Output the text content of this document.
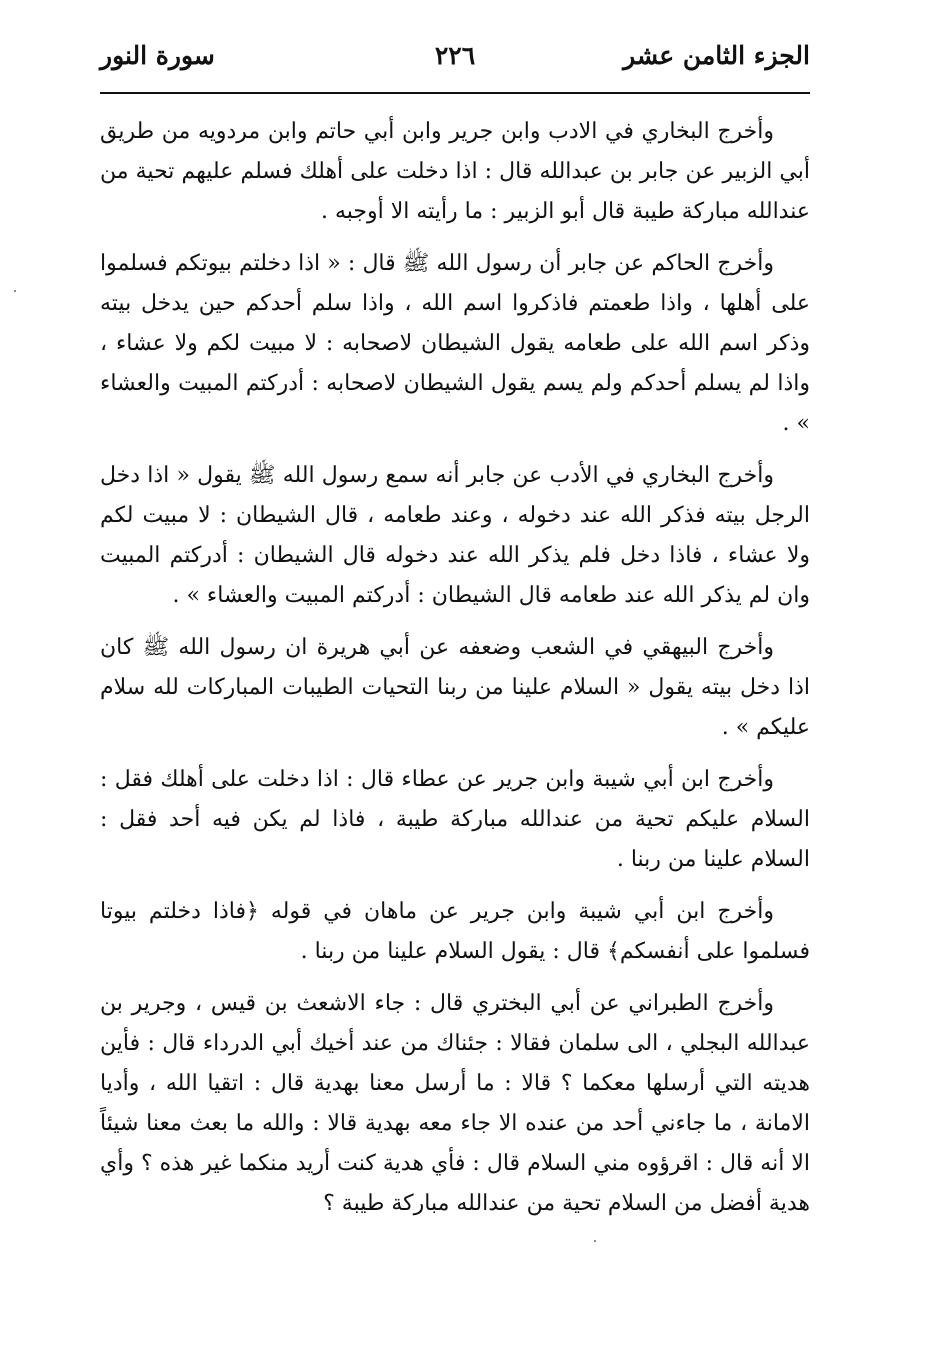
الجزء الثامن عشر
٢٢٦
سورة النور

وأخرج البخاري في الادب وابن جرير وابن أبي حاتم وابن مردويه من طريق أبي الزبير عن جابر بن عبدالله قال : اذا دخلت على أهلك فسلم عليهم تحية من عندالله مباركة طيبة قال أبو الزبير : ما رأيته الا أوجبه .

وأخرج الحاكم عن جابر أن رسول الله ﷺ قال : « اذا دخلتم بيوتكم فسلموا على أهلها ، واذا طعمتم فاذكروا اسم الله ، واذا سلم أحدكم حين يدخل بيته وذكر اسم الله على طعامه يقول الشيطان لاصحابه : لا مبيت لكم ولا عشاء ، واذا لم يسلم أحدكم ولم يسم يقول الشيطان لاصحابه : أدركتم المبيت والعشاء » .

وأخرج البخاري في الأدب عن جابر أنه سمع رسول الله ﷺ يقول « اذا دخل الرجل بيته فذكر الله عند دخوله ، وعند طعامه ، قال الشيطان : لا مبيت لكم ولا عشاء ، فاذا دخل فلم يذكر الله عند دخوله قال الشيطان : أدركتم المبيت وان لم يذكر الله عند طعامه قال الشيطان : أدركتم المبيت والعشاء » .

وأخرج البيهقي في الشعب وضعفه عن أبي هريرة ان رسول الله ﷺ كان اذا دخل بيته يقول « السلام علينا من ربنا التحيات الطيبات المباركات لله سلام عليكم » .

وأخرج ابن أبي شيبة وابن جرير عن عطاء قال : اذا دخلت على أهلك فقل : السلام عليكم تحية من عندالله مباركة طيبة ، فاذا لم يكن فيه أحد فقل : السلام علينا من ربنا .

وأخرج ابن أبي شيبة وابن جرير عن ماهان في قوله ﴿فاذا دخلتم بيوتا فسلموا على أنفسكم﴾ قال : يقول السلام علينا من ربنا .

وأخرج الطبراني عن أبي البختري قال : جاء الاشعث بن قيس ، وجرير بن عبدالله البجلي ، الى سلمان فقالا : جئناك من عند أخيك أبي الدرداء قال : فأين هديته التي أرسلها معكما ؟ قالا : ما أرسل معنا بهدية قال : اتقيا الله ، وأديا الامانة ، ما جاءني أحد من عنده الا جاء معه بهدية قالا : والله ما بعث معنا شيئاً الا أنه قال : اقرؤوه مني السلام قال : فأي هدية كنت أريد منكما غير هذه ؟ وأي هدية أفضل من السلام تحية من عندالله مباركة طيبة ؟
